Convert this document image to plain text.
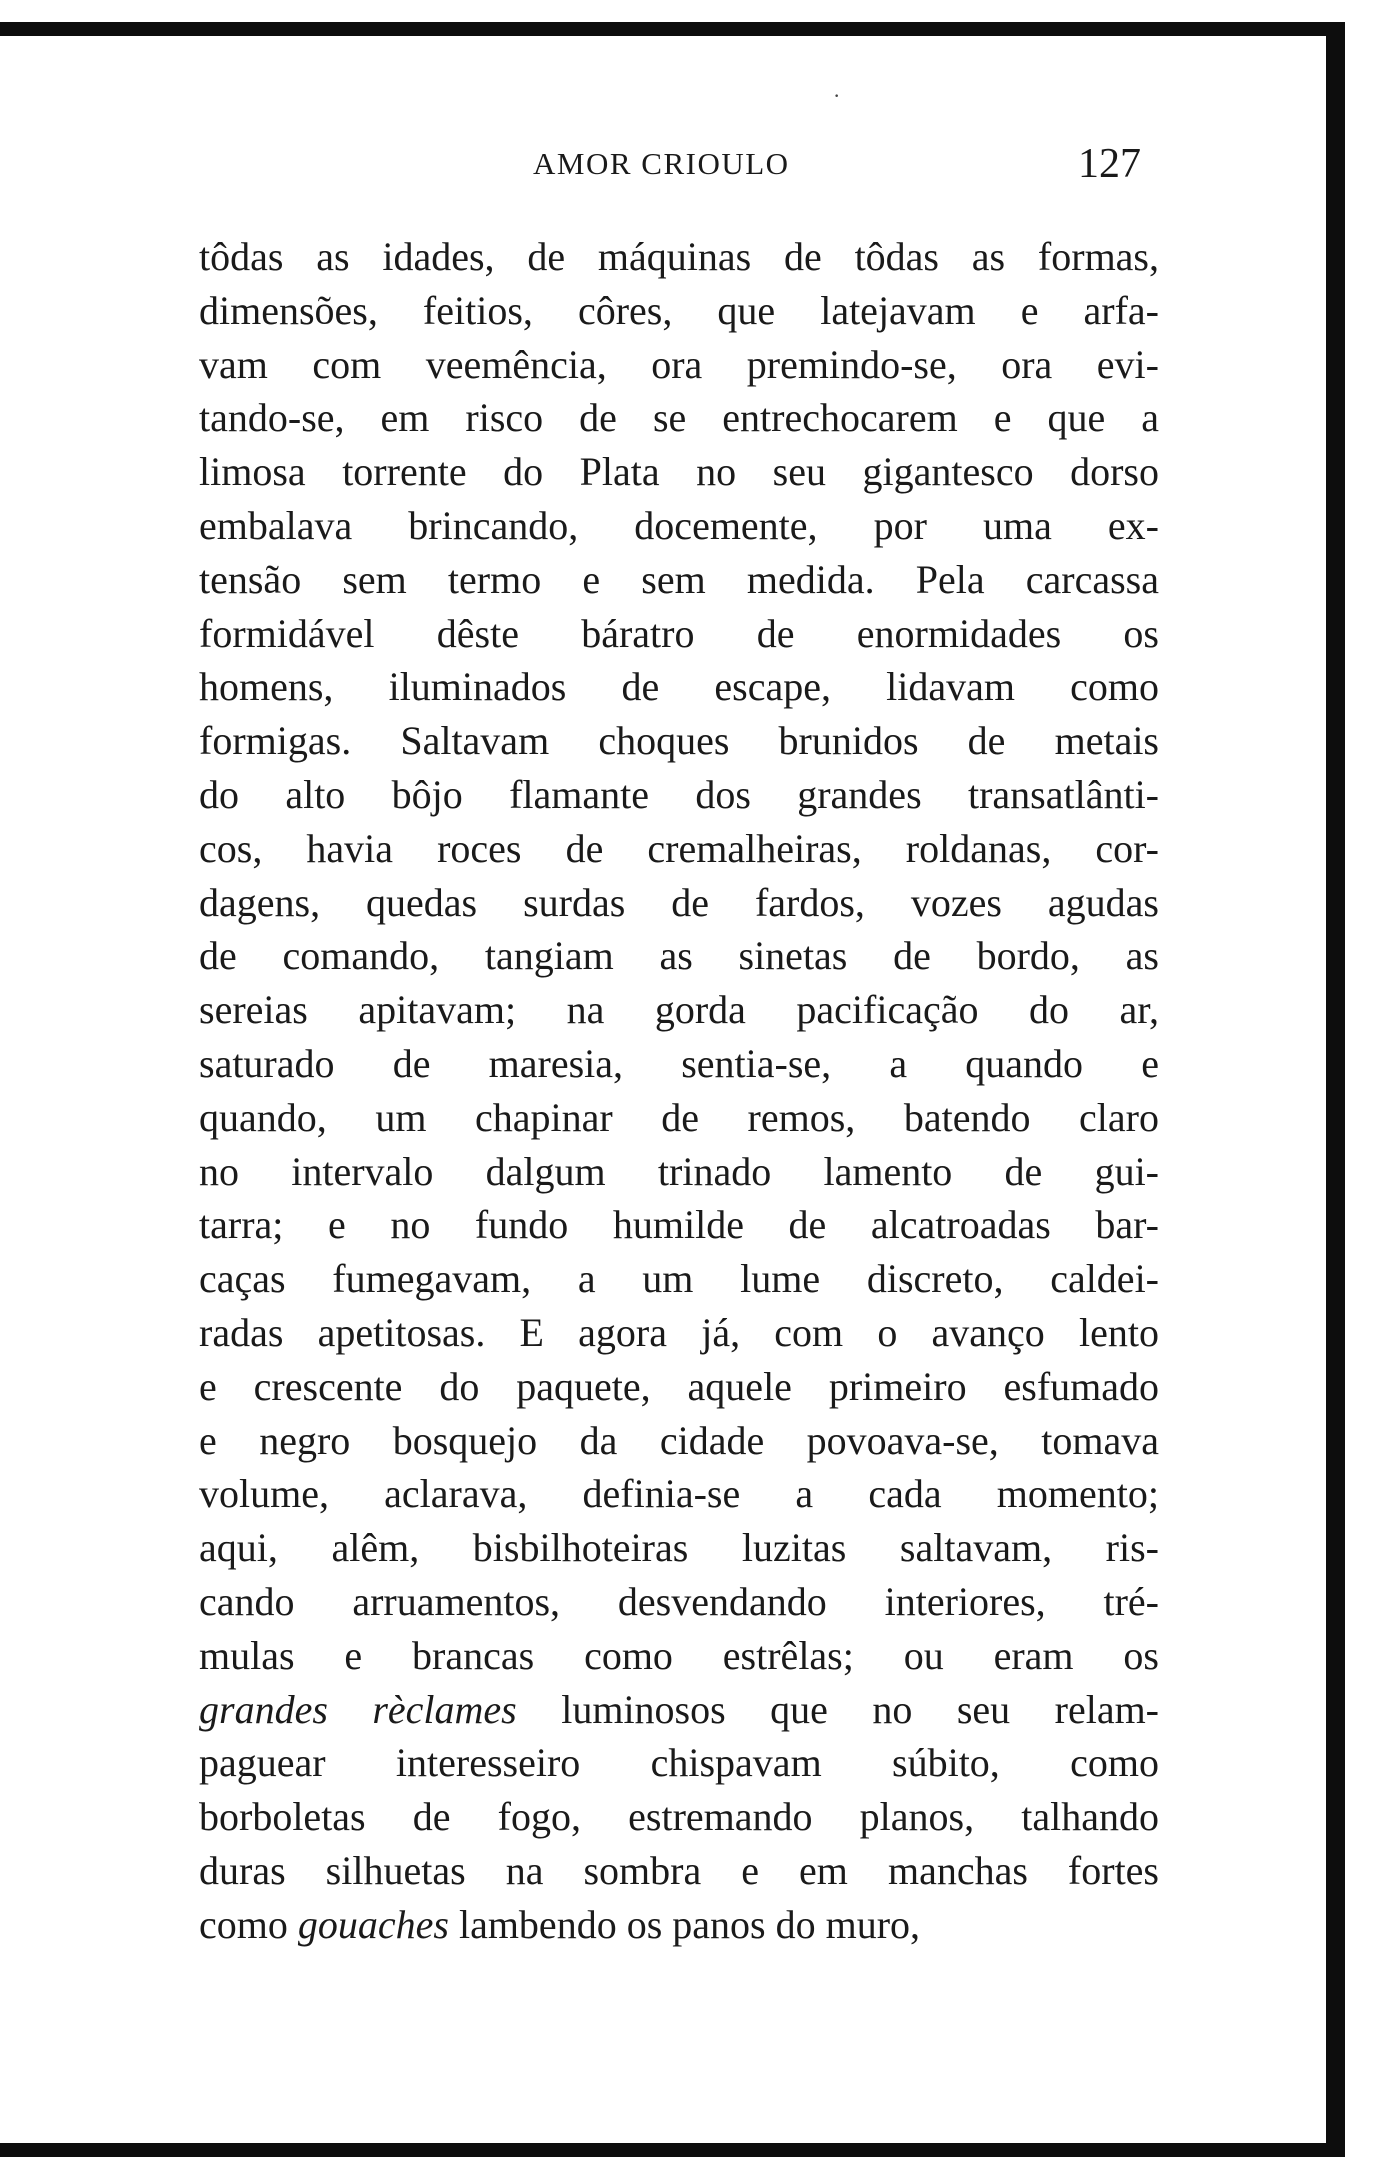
·
AMOR CRIOULO	127
tôdas as idades, de máquinas de tôdas as formas,
dimensões, feitios, côres, que latejavam e arfa-
vam com veemência, ora premindo-se, ora evi-
tando-se, em risco de se entrechocarem e que a
limosa torrente do Plata no seu gigantesco dorso
embalava brincando, docemente, por uma ex-
tensão sem termo e sem medida. Pela carcassa
formidável dêste báratro de enormidades os
homens, iluminados de escape, lidavam como
formigas. Saltavam choques brunidos de metais
do alto bôjo flamante dos grandes transatlânti-
cos, havia roces de cremalheiras, roldanas, cor-
dagens, quedas surdas de fardos, vozes agudas
de comando, tangiam as sinetas de bordo, as
sereias apitavam; na gorda pacificação do ar,
saturado de maresia, sentia-se, a quando e
quando, um chapinar de remos, batendo claro
no intervalo dalgum trinado lamento de gui-
tarra; e no fundo humilde de alcatroadas bar-
caças fumegavam, a um lume discreto, caldei-
radas apetitosas. E agora já, com o avanço lento
e crescente do paquete, aquele primeiro esfumado
e negro bosquejo da cidade povoava-se, tomava
volume, aclarava, definia-se a cada momento;
aqui, alêm, bisbilhoteiras luzitas saltavam, ris-
cando arruamentos, desvendando interiores, tré-
mulas e brancas como estrêlas; ou eram os
grandes rèclames luminosos que no seu relam-
paguear interesseiro chispavam súbito, como
borboletas de fogo, estremando planos, talhando
duras silhuetas na sombra e em manchas fortes
como gouaches lambendo os panos do muro,
